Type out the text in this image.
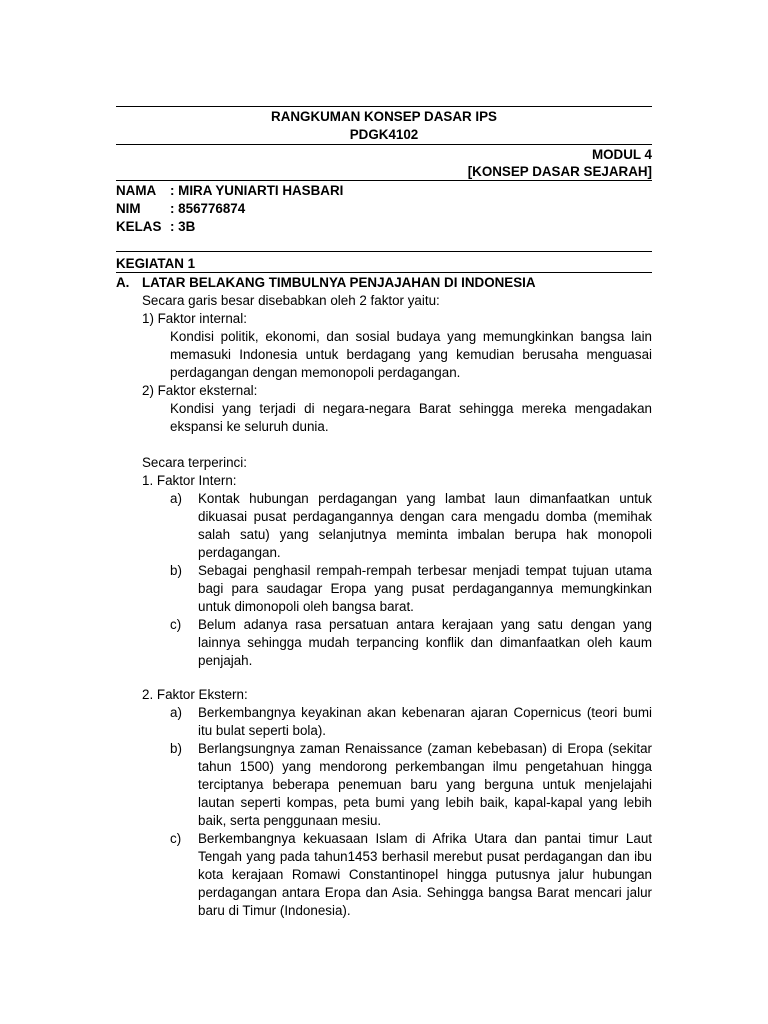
RANGKUMAN KONSEP DASAR IPS
PDGK4102
MODUL 4
[KONSEP DASAR SEJARAH]
NAMA : MIRA YUNIARTI HASBARI
NIM : 856776874
KELAS : 3B
KEGIATAN 1
A. LATAR BELAKANG TIMBULNYA PENJAJAHAN DI INDONESIA
Secara garis besar disebabkan oleh 2 faktor yaitu:
1) Faktor internal:
Kondisi politik, ekonomi, dan sosial budaya yang memungkinkan bangsa lain memasuki Indonesia untuk berdagang yang kemudian berusaha menguasai perdagangan dengan memonopoli perdagangan.
2) Faktor eksternal:
Kondisi yang terjadi di negara-negara Barat sehingga mereka mengadakan ekspansi ke seluruh dunia.
Secara terperinci:
1. Faktor Intern:
a) Kontak hubungan perdagangan yang lambat laun dimanfaatkan untuk dikuasai pusat perdagangannya dengan cara mengadu domba (memihak salah satu) yang selanjutnya meminta imbalan berupa hak monopoli perdagangan.
b) Sebagai penghasil rempah-rempah terbesar menjadi tempat tujuan utama bagi para saudagar Eropa yang pusat perdagangannya memungkinkan untuk dimonopoli oleh bangsa barat.
c) Belum adanya rasa persatuan antara kerajaan yang satu dengan yang lainnya sehingga mudah terpancing konflik dan dimanfaatkan oleh kaum penjajah.
2. Faktor Ekstern:
a) Berkembangnya keyakinan akan kebenaran ajaran Copernicus (teori bumi itu bulat seperti bola).
b) Berlangsungnya zaman Renaissance (zaman kebebasan) di Eropa (sekitar tahun 1500) yang mendorong perkembangan ilmu pengetahuan hingga terciptanya beberapa penemuan baru yang berguna untuk menjelajahi lautan seperti kompas, peta bumi yang lebih baik, kapal-kapal yang lebih baik, serta penggunaan mesiu.
c) Berkembangnya kekuasaan Islam di Afrika Utara dan pantai timur Laut Tengah yang pada tahun1453 berhasil merebut pusat perdagangan dan ibu kota kerajaan Romawi Constantinopel hingga putusnya jalur hubungan perdagangan antara Eropa dan Asia. Sehingga bangsa Barat mencari jalur baru di Timur (Indonesia).
